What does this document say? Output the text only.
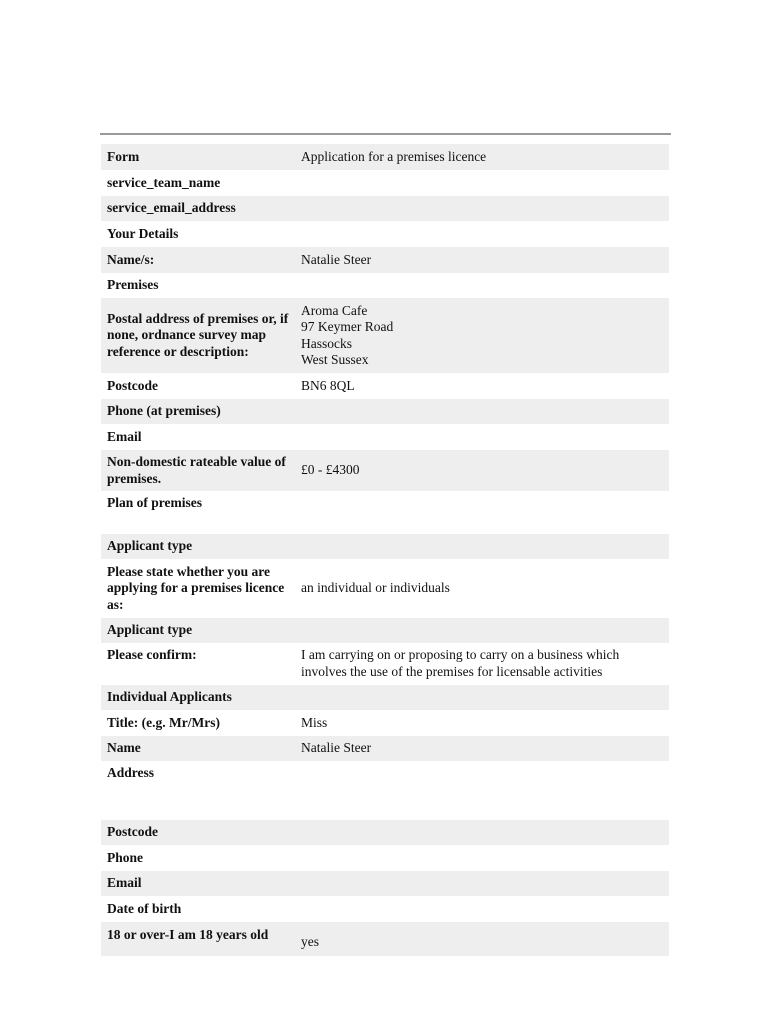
Form	Application for a premises licence
service_team_name	
service_email_address	
Your Details	
Name/s:	Natalie Steer
Premises	
Postal address of premises or, if none, ordnance survey map reference or description:	Aroma Cafe
97 Keymer Road
Hassocks
West Sussex
Postcode	BN6 8QL
Phone (at premises)	
Email	
Non-domestic rateable value of premises.	£0 - £4300
Plan of premises	
Applicant type	
Please state whether you are applying for a premises licence as:	an individual or individuals
Applicant type	
Please confirm:	I am carrying on or proposing to carry on a business which involves the use of the premises for licensable activities
Individual Applicants	
Title: (e.g. Mr/Mrs)	Miss
Name	Natalie Steer
Address	
Postcode	
Phone	
Email	
Date of birth	
18 or over-I am 18 years old	yes
